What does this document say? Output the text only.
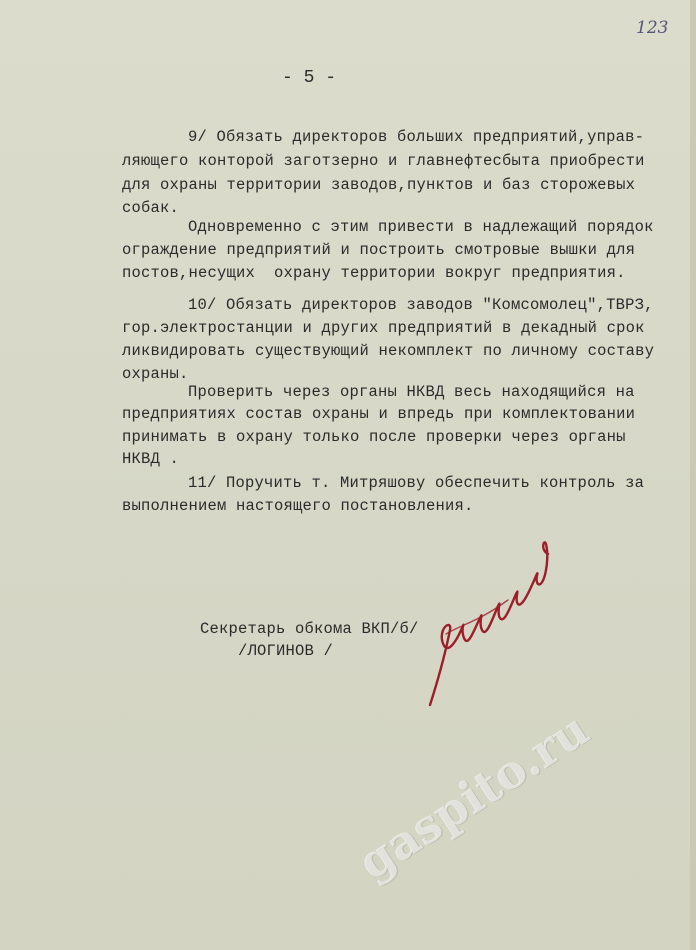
123
- 5 -
9/ Обязать директоров больших предприятий,управ-
ляющего конторой заготзерно и главнефтесбыта приобрести
для охраны территории заводов,пунктов и баз сторожевых
собак.
Одновременно с этим привести в надлежащий порядок
ограждение предприятий и построить смотровые вышки для
постов,несущих  охрану территории вокруг предприятия.
10/ Обязать директоров заводов "Комсомолец",ТВРЗ,
гор.электростанции и других предприятий в декадный срок
ликвидировать существующий некомплект по личному составу
охраны.
Проверить через органы НКВД весь находящийся на
предприятиях состав охраны и впредь при комплектовании
принимать в охрану только после проверки через органы
НКВД .
11/ Поручить т. Митряшову обеспечить контроль за
выполнением настоящего постановления.
Секретарь обкома ВКП/б/
/ЛОГИНОВ /
gaspito.ru
